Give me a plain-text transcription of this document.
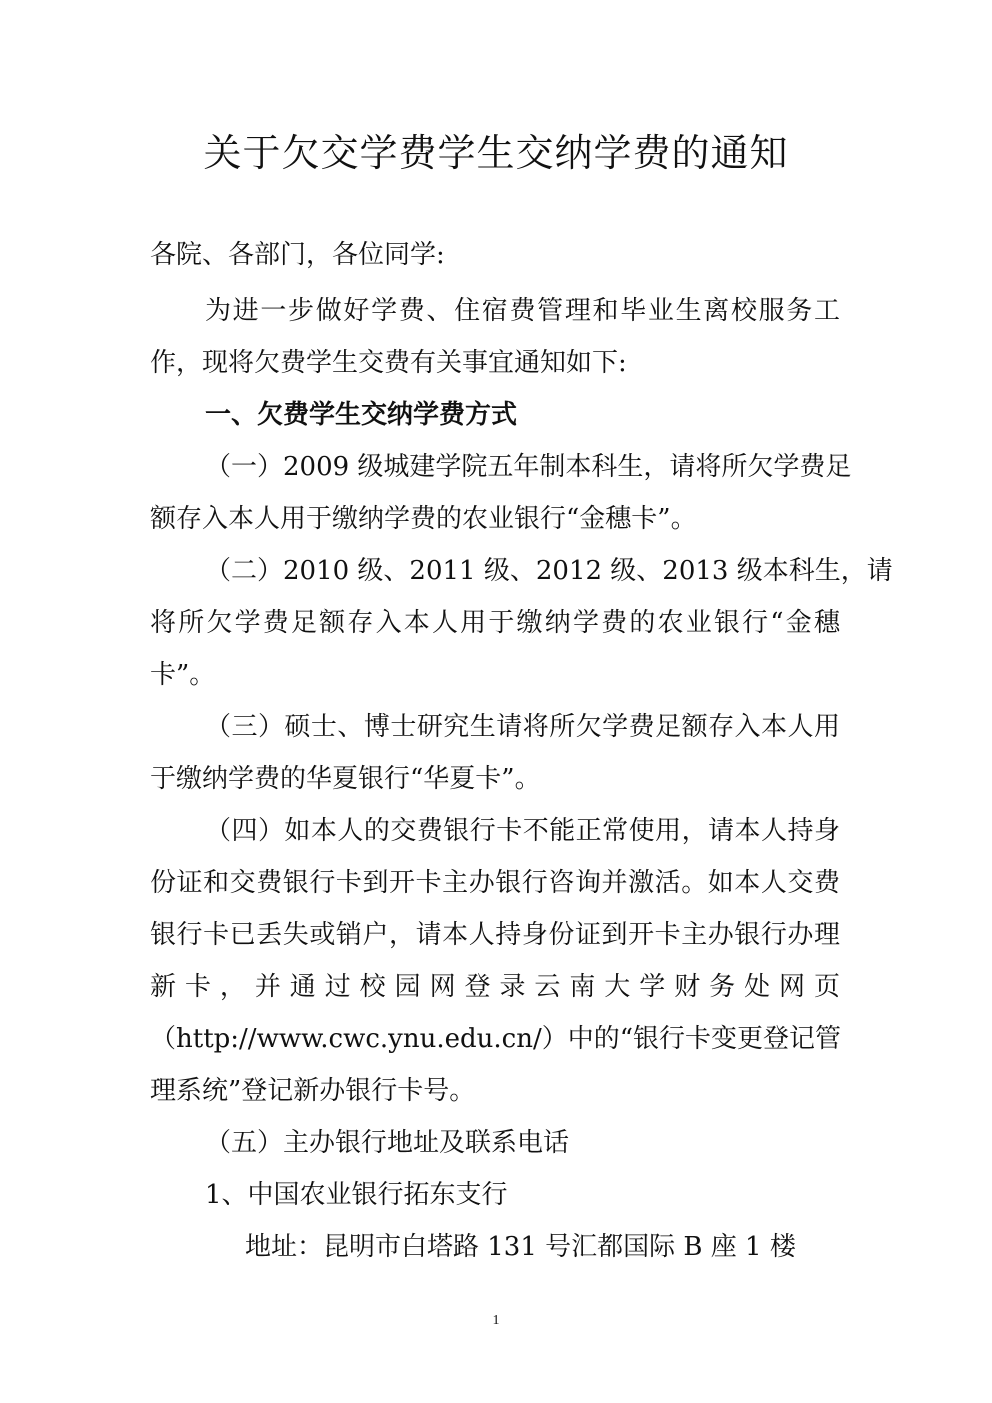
关于欠交学费学生交纳学费的通知
各院、各部门，各位同学:
为进一步做好学费、住宿费管理和毕业生离校服务工
作，现将欠费学生交费有关事宜通知如下:
一、欠费学生交纳学费方式
（一）2009 级城建学院五年制本科生，请将所欠学费足
额存入本人用于缴纳学费的农业银行“金穗卡”。
（二）2010 级、2011 级、2012 级、2013 级本科生，请
将所欠学费足额存入本人用于缴纳学费的农业银行“金穗
卡”。
（三）硕士、博士研究生请将所欠学费足额存入本人用
于缴纳学费的华夏银行“华夏卡”。
（四）如本人的交费银行卡不能正常使用，请本人持身
份证和交费银行卡到开卡主办银行咨询并激活。如本人交费
银行卡已丢失或销户，请本人持身份证到开卡主办银行办理
新卡，并通过校园网登录云南大学财务处网页
（http://www.cwc.ynu.edu.cn/）中的“银行卡变更登记管
理系统”登记新办银行卡号。
（五）主办银行地址及联系电话
1、中国农业银行拓东支行
地址：昆明市白塔路 131 号汇都国际 B 座 1 楼
1
